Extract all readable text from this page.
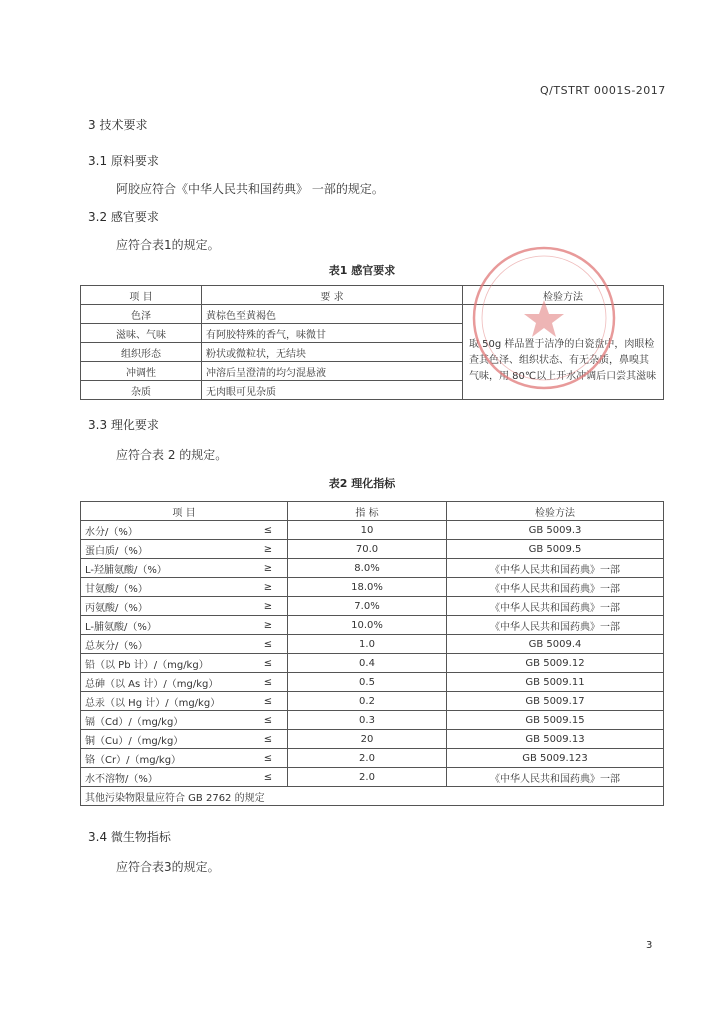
Q/TSTRT 0001S-2017
3 技术要求
3.1 原料要求
阿胶应符合《中华人民共和国药典》 一部的规定。
3.2 感官要求
应符合表1的规定。
表1 感官要求
项 目	要 求	检验方法
色泽	黄棕色至黄褐色	
滋味、气味	有阿胶特殊的香气，味微甘	取 50g 样品置于洁净的白瓷盘中，肉眼检查其色泽、组织状态、有无杂质，鼻嗅其气味，用 80℃以上开水冲调后口尝其滋味
组织形态	粉状或微粒状，无结块	
冲调性	冲溶后呈澄清的均匀混悬液	
杂质	无肉眼可见杂质	
3.3 理化要求
应符合表 2 的规定。
表2 理化指标
项 目		指 标	检验方法
水分/（%）	≤	10	GB 5009.3
蛋白质/（%）	≥	70.0	GB 5009.5
L-羟脯氨酸/（%）	≥	8.0%	《中华人民共和国药典》一部
甘氨酸/（%）	≥	18.0%	《中华人民共和国药典》一部
丙氨酸/（%）	≥	7.0%	《中华人民共和国药典》一部
L-脯氨酸/（%）	≥	10.0%	《中华人民共和国药典》一部
总灰分/（%）	≤	1.0	GB 5009.4
铅（以 Pb 计）/（mg/kg）	≤	0.4	GB 5009.12
总砷（以 As 计）/（mg/kg）	≤	0.5	GB 5009.11
总汞（以 Hg 计）/（mg/kg）	≤	0.2	GB 5009.17
镉（Cd）/（mg/kg）	≤	0.3	GB 5009.15
铜（Cu）/（mg/kg）	≤	20	GB 5009.13
铬（Cr）/（mg/kg）	≤	2.0	GB 5009.123
水不溶物/（%）	≤	2.0	《中华人民共和国药典》一部
其他污染物限量应符合 GB 2762 的规定			
3.4 微生物指标
应符合表3的规定。
3
